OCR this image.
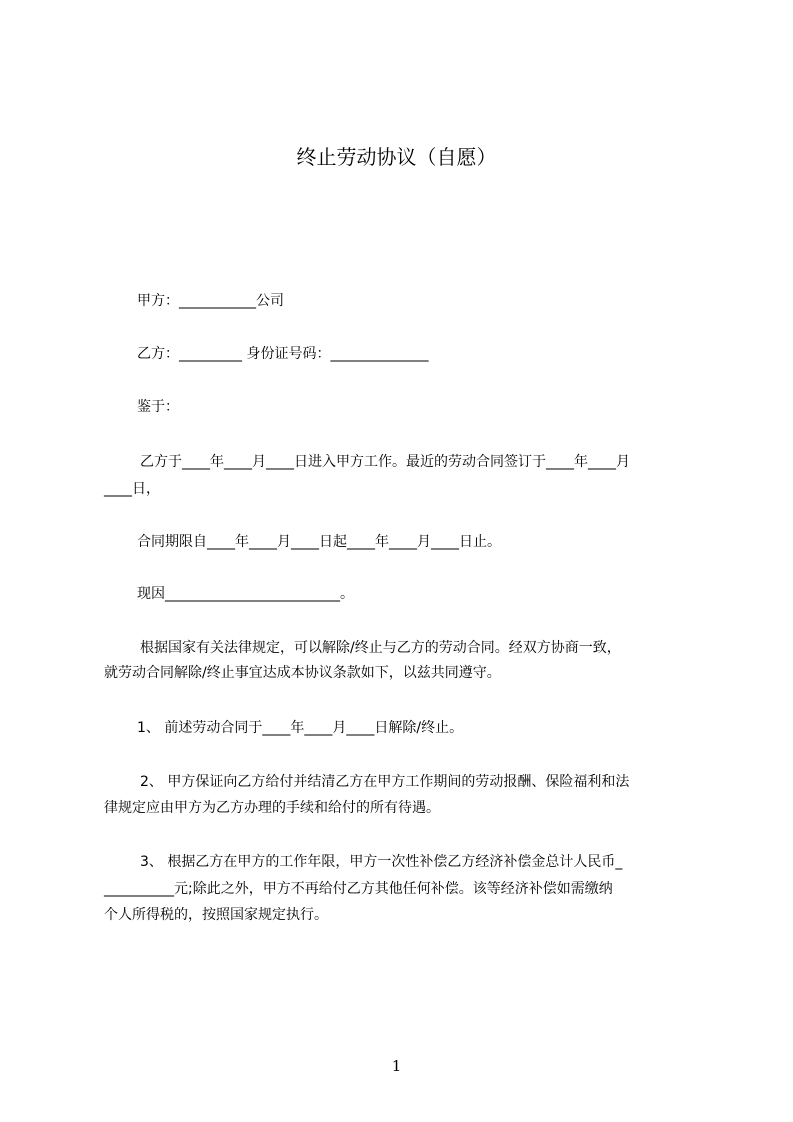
终止劳动协议（自愿）
甲方：___________公司
乙方：_________ 身份证号码：______________
鉴于：
乙方于____年____月____日进入甲方工作。最近的劳动合同签订于____年____月
____日，
合同期限自____年____月____日起____年____月____日止。
现因_________________________。
根据国家有关法律规定，可以解除/终止与乙方的劳动合同。经双方协商一致，
就劳动合同解除/终止事宜达成本协议条款如下，以兹共同遵守。
1、 前述劳动合同于____年____月____日解除/终止。
2、 甲方保证向乙方给付并结清乙方在甲方工作期间的劳动报酬、保险福利和法
律规定应由甲方为乙方办理的手续和给付的所有待遇。
3、 根据乙方在甲方的工作年限，甲方一次性补偿乙方经济补偿金总计人民币_
__________元;除此之外，甲方不再给付乙方其他任何补偿。该等经济补偿如需缴纳
个人所得税的，按照国家规定执行。
1
